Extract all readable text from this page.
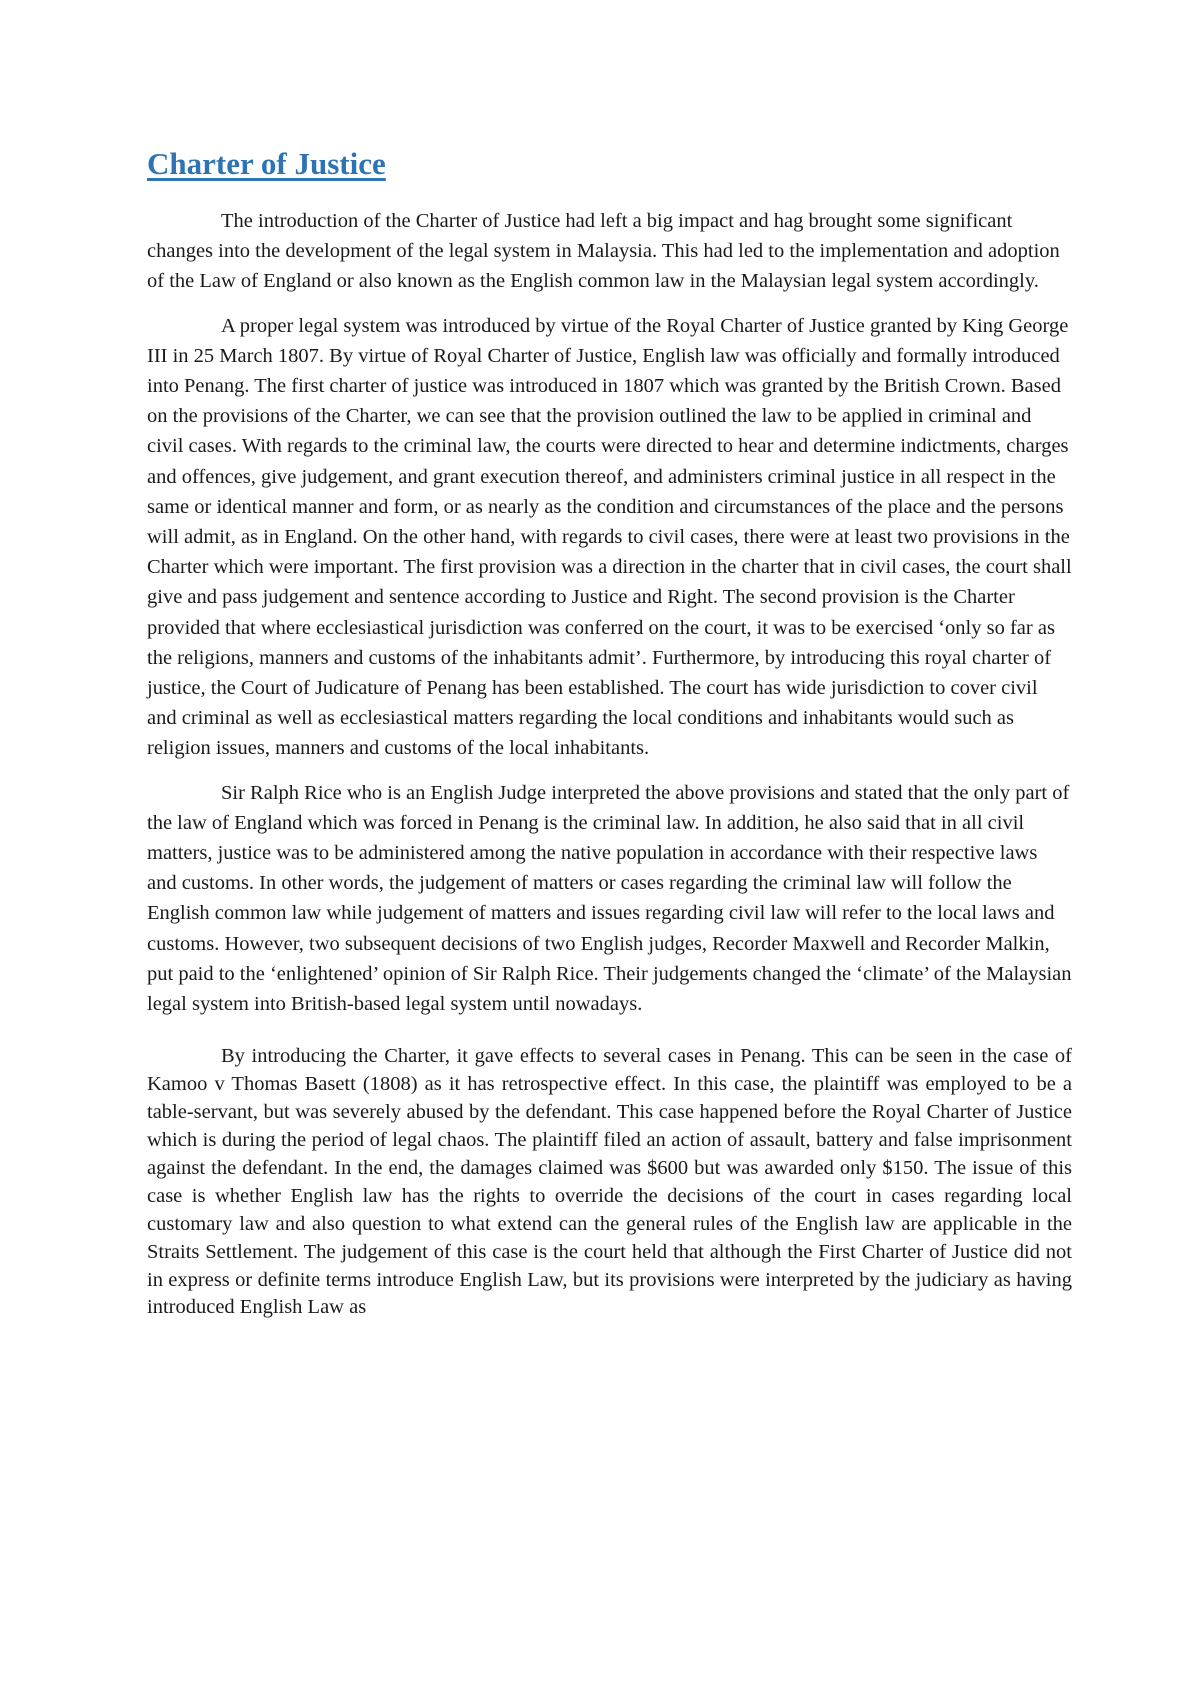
Charter of Justice

The introduction of the Charter of Justice had left a big impact and hag brought some significant changes into the development of the legal system in Malaysia. This had led to the implementation and adoption of the Law of England or also known as the English common law in the Malaysian legal system accordingly.

A proper legal system was introduced by virtue of the Royal Charter of Justice granted by King George III in 25 March 1807. By virtue of Royal Charter of Justice, English law was officially and formally introduced into Penang. The first charter of justice was introduced in 1807 which was granted by the British Crown. Based on the provisions of the Charter, we can see that the provision outlined the law to be applied in criminal and civil cases. With regards to the criminal law, the courts were directed to hear and determine indictments, charges and offences, give judgement, and grant execution thereof, and administers criminal justice in all respect in the same or identical manner and form, or as nearly as the condition and circumstances of the place and the persons will admit, as in England. On the other hand, with regards to civil cases, there were at least two provisions in the Charter which were important. The first provision was a direction in the charter that in civil cases, the court shall give and pass judgement and sentence according to Justice and Right. The second provision is the Charter provided that where ecclesiastical jurisdiction was conferred on the court, it was to be exercised ‘only so far as the religions, manners and customs of the inhabitants admit’. Furthermore, by introducing this royal charter of justice, the Court of Judicature of Penang has been established. The court has wide jurisdiction to cover civil and criminal as well as ecclesiastical matters regarding the local conditions and inhabitants would such as religion issues, manners and customs of the local inhabitants.

Sir Ralph Rice who is an English Judge interpreted the above provisions and stated that the only part of the law of England which was forced in Penang is the criminal law. In addition, he also said that in all civil matters, justice was to be administered among the native population in accordance with their respective laws and customs. In other words, the judgement of matters or cases regarding the criminal law will follow the English common law while judgement of matters and issues regarding civil law will refer to the local laws and customs. However, two subsequent decisions of two English judges, Recorder Maxwell and Recorder Malkin, put paid to the ‘enlightened’ opinion of Sir Ralph Rice. Their judgements changed the ‘climate’ of the Malaysian legal system into British-based legal system until nowadays.

By introducing the Charter, it gave effects to several cases in Penang. This can be seen in the case of Kamoo v Thomas Basett (1808) as it has retrospective effect. In this case, the plaintiff was employed to be a table-servant, but was severely abused by the defendant. This case happened before the Royal Charter of Justice which is during the period of legal chaos. The plaintiff filed an action of assault, battery and false imprisonment against the defendant. In the end, the damages claimed was $600 but was awarded only $150. The issue of this case is whether English law has the rights to override the decisions of the court in cases regarding local customary law and also question to what extend can the general rules of the English law are applicable in the Straits Settlement. The judgement of this case is the court held that although the First Charter of Justice did not in express or definite terms introduce English Law, but its provisions were interpreted by the judiciary as having introduced English Law as
